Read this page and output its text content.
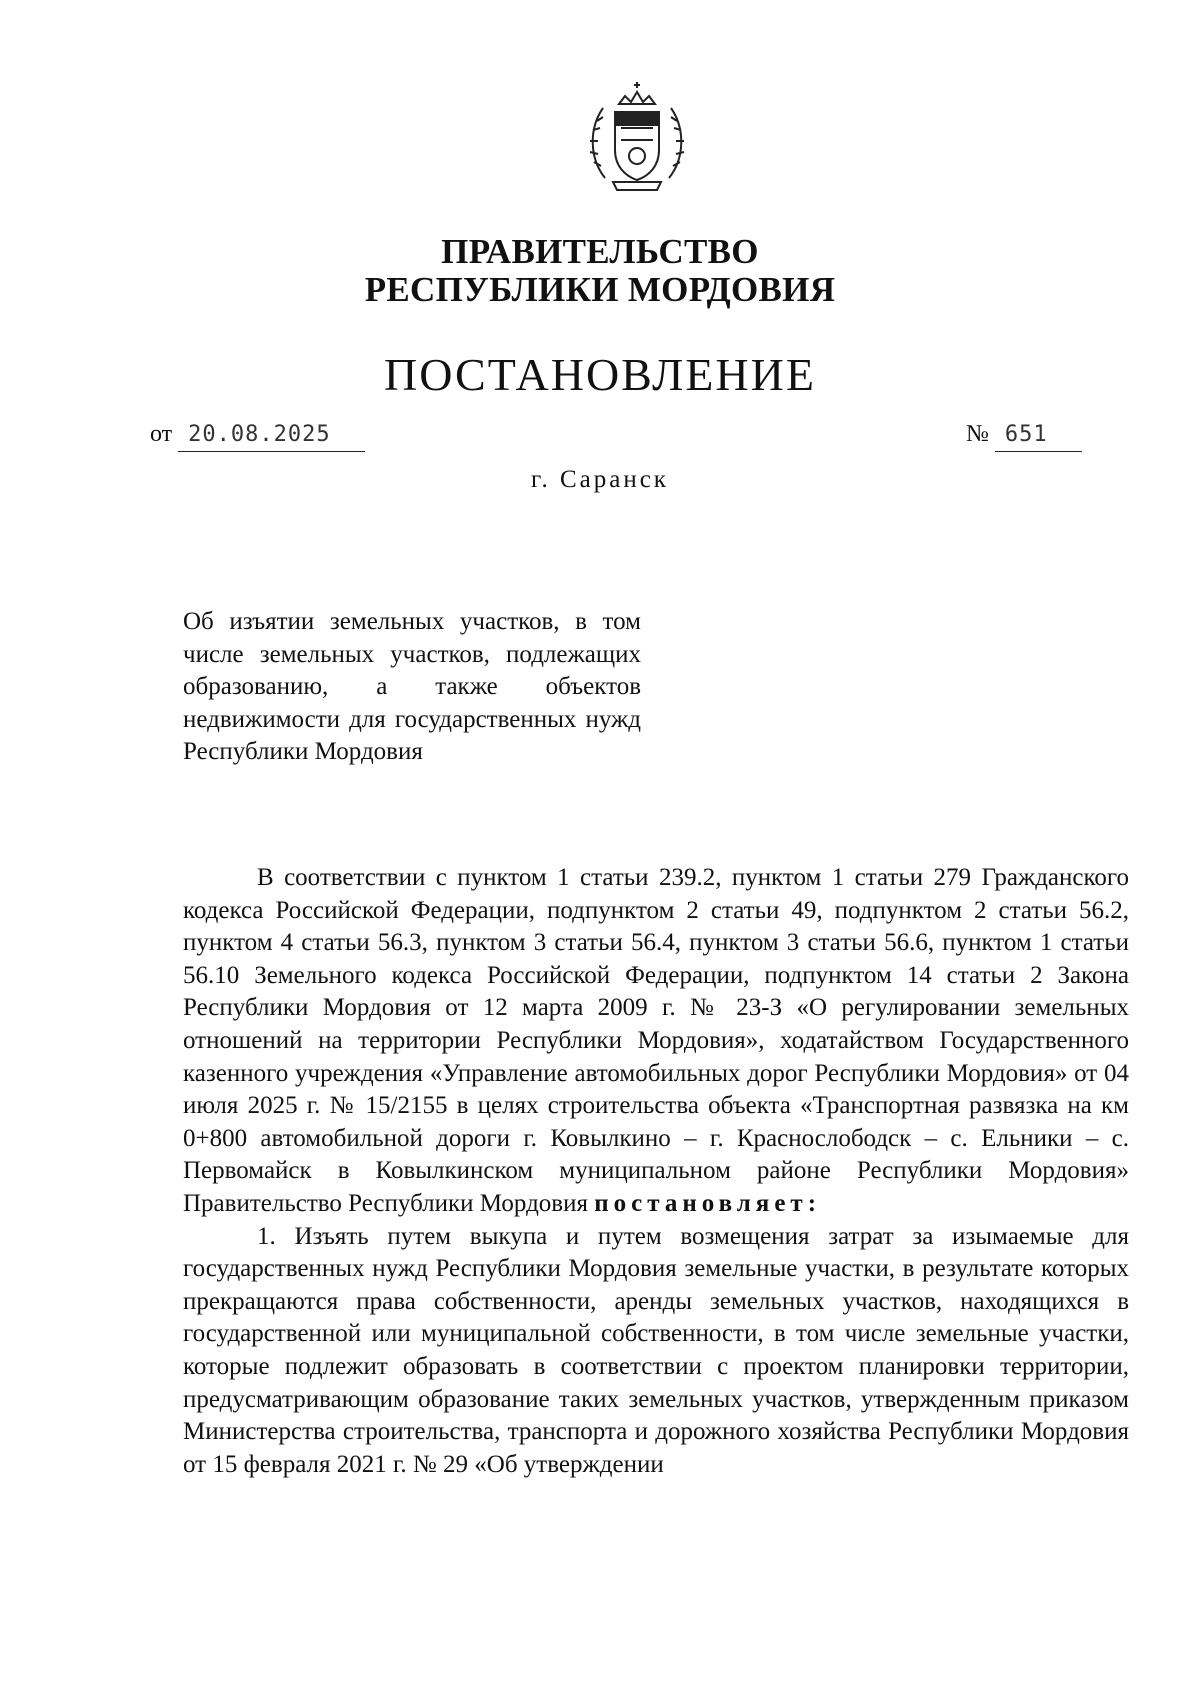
ПРАВИТЕЛЬСТВО
РЕСПУБЛИКИ МОРДОВИЯ
ПОСТАНОВЛЕНИЕ
от 20.08.2025	№ 651
г. Саранск
Об изъятии земельных участков, в том числе земельных участков, подлежащих образованию, а также объектов недвижимости для государственных нужд Республики Мордовия

В соответствии с пунктом 1 статьи 239.2, пунктом 1 статьи 279 Гражданского кодекса Российской Федерации, подпунктом 2 статьи 49, подпунктом 2 статьи 56.2, пунктом 4 статьи 56.3, пунктом 3 статьи 56.4, пунктом 3 статьи 56.6, пунктом 1 статьи 56.10 Земельного кодекса Российской Федерации, подпунктом 14 статьи 2 Закона Республики Мордовия от 12 марта 2009 г. № 23-З «О регулировании земельных отношений на территории Республики Мордовия», ходатайством Государственного казенного учреждения «Управление автомобильных дорог Республики Мордовия» от 04 июля 2025 г. № 15/2155 в целях строительства объекта «Транспортная развязка на км 0+800 автомобильной дороги г. Ковылкино – г. Краснослободск – с. Ельники – с. Первомайск в Ковылкинском муниципальном районе Республики Мордовия» Правительство Республики Мордовия постановляет:

1. Изъять путем выкупа и путем возмещения затрат за изымаемые для государственных нужд Республики Мордовия земельные участки, в результате которых прекращаются права собственности, аренды земельных участков, находящихся в государственной или муниципальной собственности, в том числе земельные участки, которые подлежит образовать в соответствии с проектом планировки территории, предусматривающим образование таких земельных участков, утвержденным приказом Министерства строительства, транспорта и дорожного хозяйства Республики Мордовия от 15 февраля 2021 г. № 29 «Об утверждении
